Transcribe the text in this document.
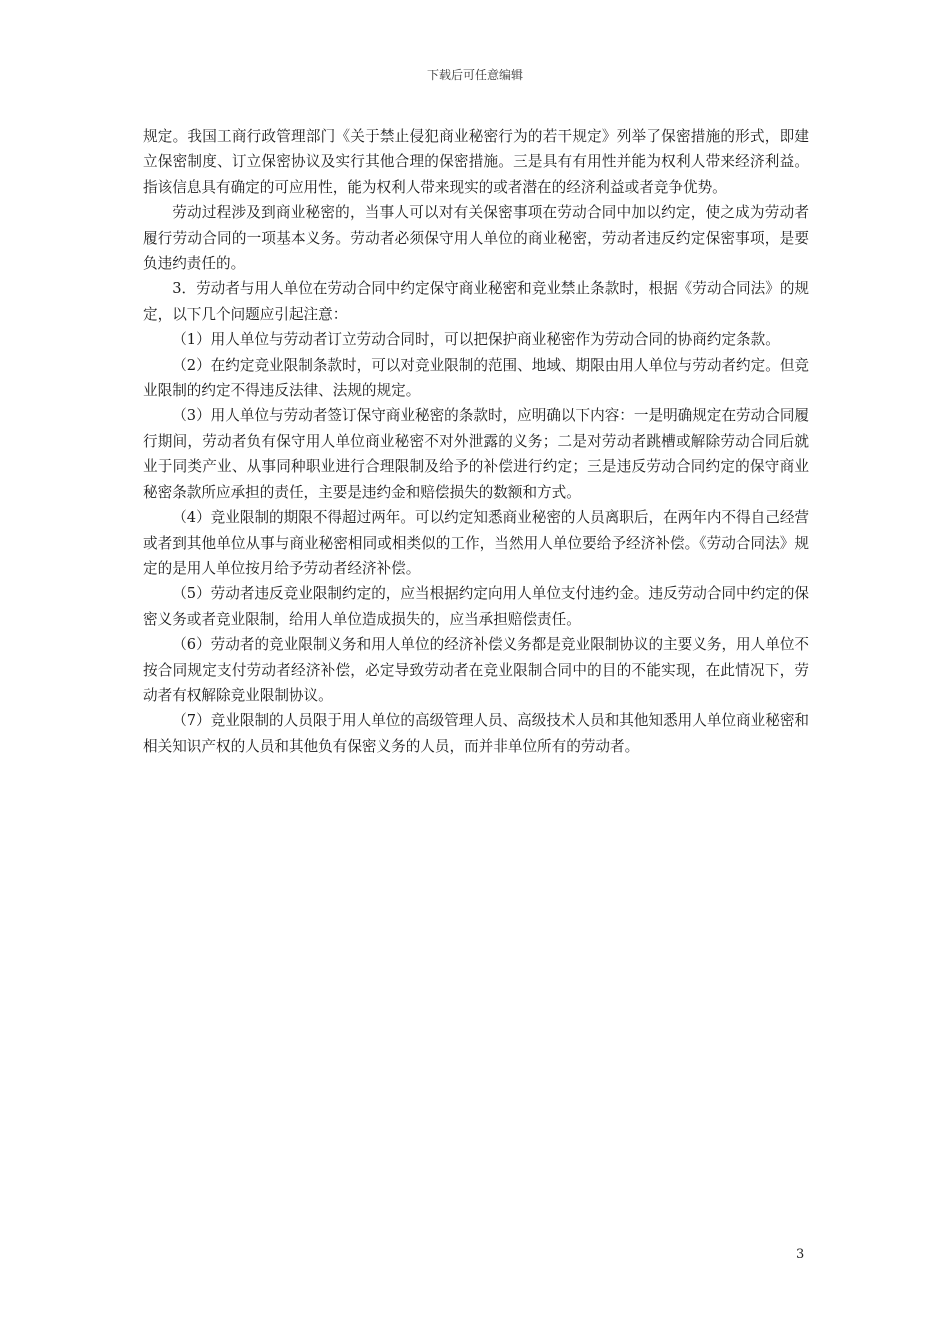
下载后可任意编辑

规定。我国工商行政管理部门《关于禁止侵犯商业秘密行为的若干规定》列举了保密措施的形式，即建立保密制度、订立保密协议及实行其他合理的保密措施。三是具有有用性并能为权利人带来经济利益。指该信息具有确定的可应用性，能为权利人带来现实的或者潜在的经济利益或者竞争优势。

劳动过程涉及到商业秘密的，当事人可以对有关保密事项在劳动合同中加以约定，使之成为劳动者履行劳动合同的一项基本义务。劳动者必须保守用人单位的商业秘密，劳动者违反约定保密事项，是要负违约责任的。

3．劳动者与用人单位在劳动合同中约定保守商业秘密和竞业禁止条款时，根据《劳动合同法》的规定，以下几个问题应引起注意：

（1）用人单位与劳动者订立劳动合同时，可以把保护商业秘密作为劳动合同的协商约定条款。

（2）在约定竞业限制条款时，可以对竞业限制的范围、地域、期限由用人单位与劳动者约定。但竞业限制的约定不得违反法律、法规的规定。

（3）用人单位与劳动者签订保守商业秘密的条款时，应明确以下内容：一是明确规定在劳动合同履行期间，劳动者负有保守用人单位商业秘密不对外泄露的义务；二是对劳动者跳槽或解除劳动合同后就业于同类产业、从事同种职业进行合理限制及给予的补偿进行约定；三是违反劳动合同约定的保守商业秘密条款所应承担的责任，主要是违约金和赔偿损失的数额和方式。

（4）竞业限制的期限不得超过两年。可以约定知悉商业秘密的人员离职后，在两年内不得自己经营或者到其他单位从事与商业秘密相同或相类似的工作，当然用人单位要给予经济补偿。《劳动合同法》规定的是用人单位按月给予劳动者经济补偿。

（5）劳动者违反竞业限制约定的，应当根据约定向用人单位支付违约金。违反劳动合同中约定的保密义务或者竞业限制，给用人单位造成损失的，应当承担赔偿责任。

（6）劳动者的竞业限制义务和用人单位的经济补偿义务都是竞业限制协议的主要义务，用人单位不按合同规定支付劳动者经济补偿，必定导致劳动者在竞业限制合同中的目的不能实现，在此情况下，劳动者有权解除竞业限制协议。

（7）竞业限制的人员限于用人单位的高级管理人员、高级技术人员和其他知悉用人单位商业秘密和相关知识产权的人员和其他负有保密义务的人员，而并非单位所有的劳动者。

3
